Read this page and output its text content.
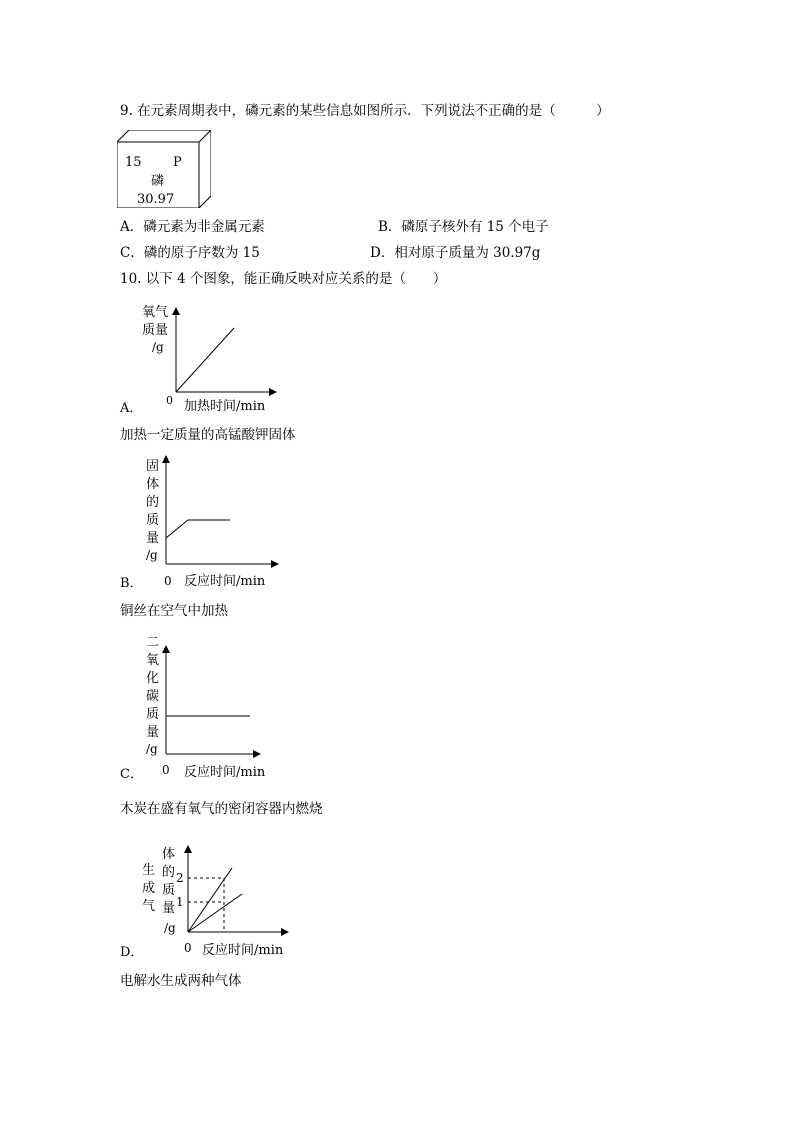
9. 在元素周期表中，磷元素的某些信息如图所示．下列说法不正确的是（　　　）
15 P
磷
30.97
A．磷元素为非金属元素	B．磷原子核外有 15 个电子
C．磷的原子序数为 15	D．相对原子质量为 30.97g
10. 以下 4 个图象，能正确反映对应关系的是（　　）
氧气
质量
/g
0 加热时间/min
A．
加热一定质量的高锰酸钾固体
固
体
的
质
量
/g
0 反应时间/min
B．
铜丝在空气中加热
二
氧
化
碳
质
量
/g
0 反应时间/min
C．
木炭在盛有氧气的密闭容器内燃烧
生
成
气
体
的
质
量
/g
2
1
0 反应时间/min
D．
电解水生成两种气体
